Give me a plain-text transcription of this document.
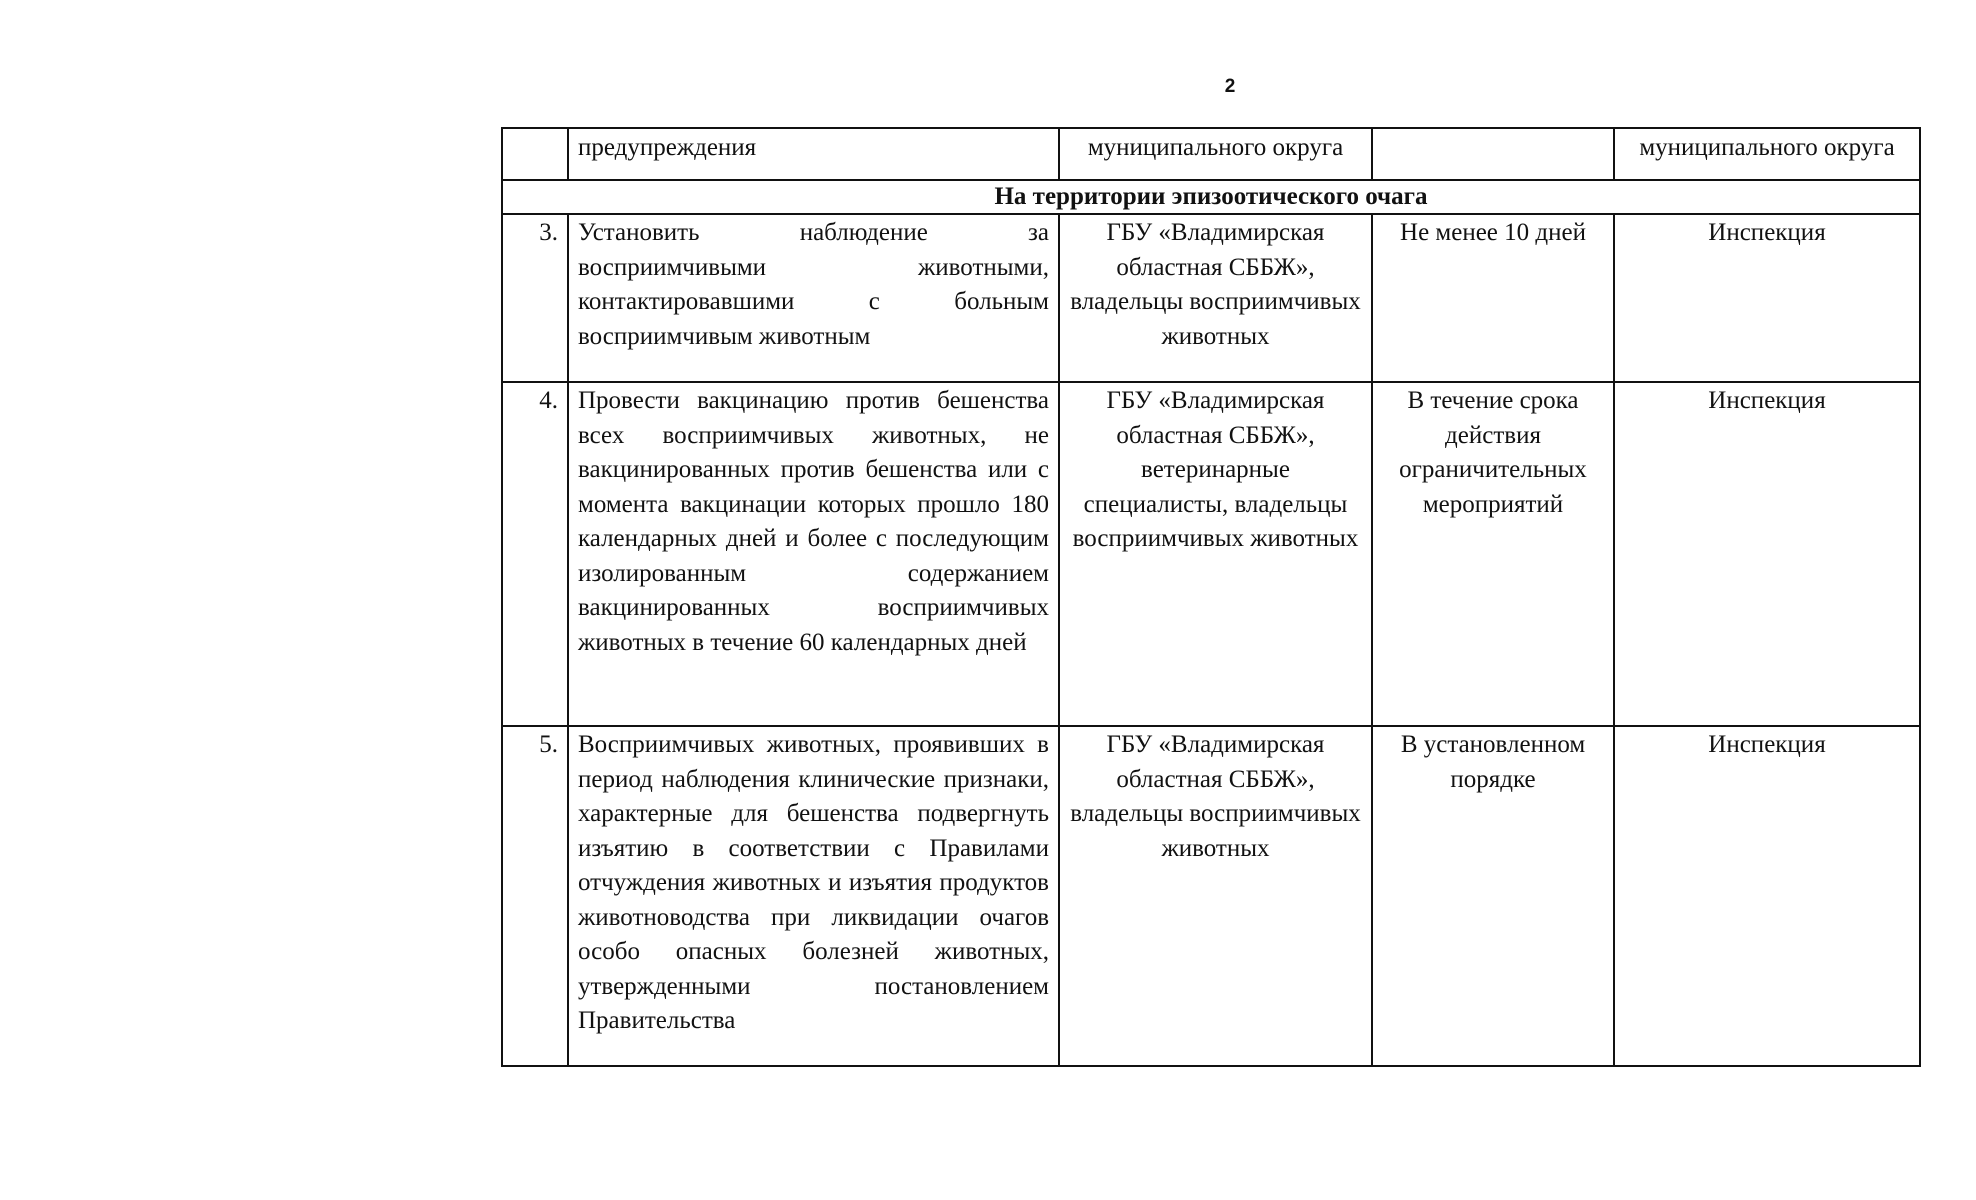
2
	предупреждения	муниципального округа		муниципального округа
На территории эпизоотического очага				
3.	Установить наблюдение за восприимчивыми животными, контактировавшими с больным восприимчивым животным	ГБУ «Владимирская областная СББЖ», владельцы восприимчивых животных	Не менее 10 дней	Инспекция
4.	Провести вакцинацию против бешенства всех восприимчивых животных, не вакцинированных против бешенства или с момента вакцинации которых прошло 180 календарных дней и более с последующим изолированным содержанием вакцинированных восприимчивых животных в течение 60 календарных дней	ГБУ «Владимирская областная СББЖ», ветеринарные специалисты, владельцы восприимчивых животных	В течение срока действия ограничительных мероприятий	Инспекция
5.	Восприимчивых животных, проявивших в период наблюдения клинические признаки, характерные для бешенства подвергнуть изъятию в соответствии с Правилами отчуждения животных и изъятия продуктов животноводства при ликвидации очагов особо опасных болезней животных, утвержденными постановлением Правительства	ГБУ «Владимирская областная СББЖ», владельцы восприимчивых животных	В установленном порядке	Инспекция
